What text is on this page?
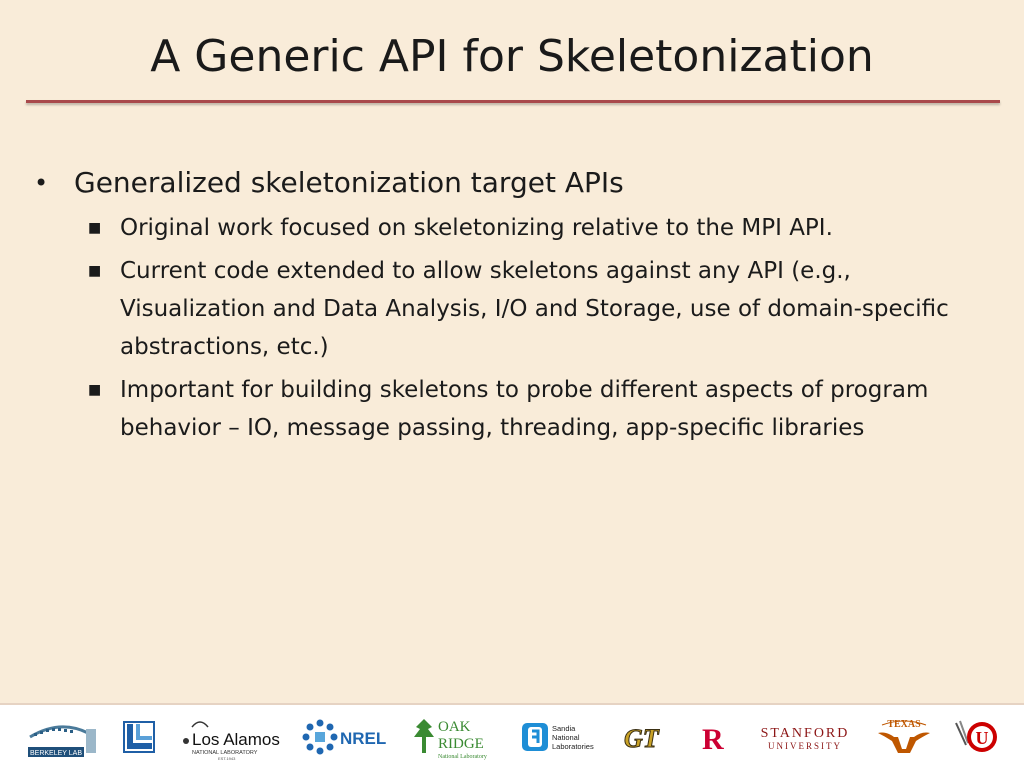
A Generic API for Skeletonization
• Generalized skeletonization target APIs
■ Original work focused on skeletonizing relative to the MPI API.
■ Current code extended to allow skeletons against any API (e.g., Visualization and Data Analysis, I/O and Storage, use of domain-specific abstractions, etc.)
■ Important for building skeletons to probe different aspects of program behavior – IO, message passing, threading, app-specific libraries
BERKELEY LAB
Los Alamos
NATIONAL LABORATORY
EST.1943
NREL
OAK
RIDGE
National Laboratory
Sandia
National
Laboratories GT R	STANFORD
UNIVERSITY
TEXAS
U
